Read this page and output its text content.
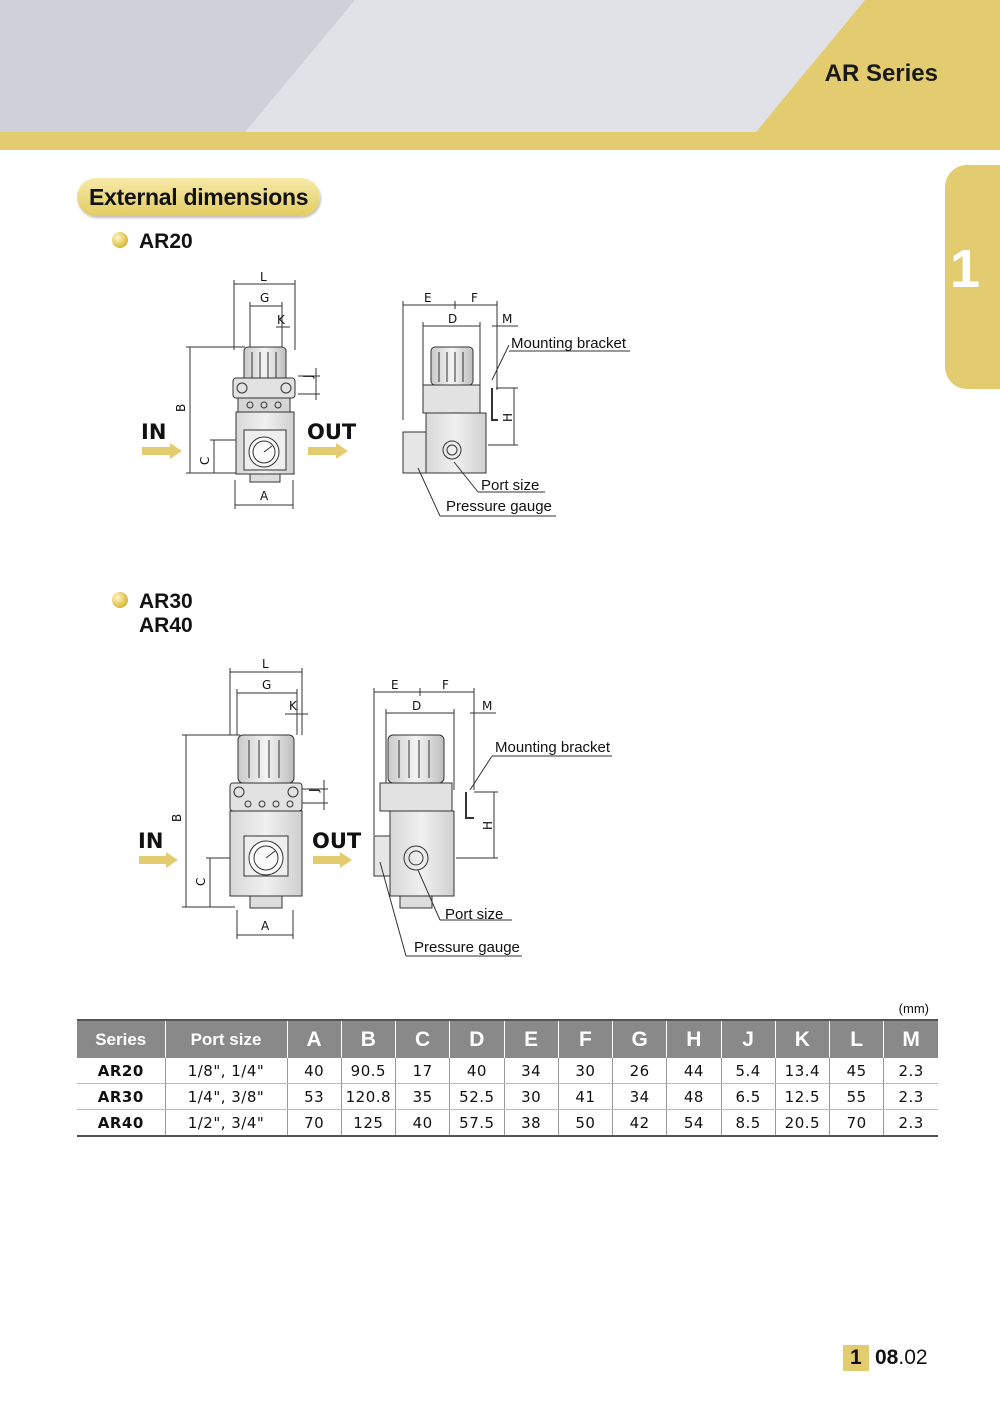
AR Series
1
External dimensions
AR20
AR30
AR40
L
G
K
J
B
C
A
IN	OUT
E	F
D	M
H
Mounting bracket
Port size
Pressure gauge
L
G
K
J
B
C
A
IN	OUT
E	F
D	M
H
Mounting bracket
Port size
Pressure gauge
(mm)
Series	Port size	A	B	C	D	E	F	G	H	J	K	L	M
AR20	1/8", 1/4"	40	90.5	17	40	34	30	26	44	5.4	13.4	45	2.3
AR30	1/4", 3/8"	53	120.8	35	52.5	30	41	34	48	6.5	12.5	55	2.3
AR40	1/2", 3/4"	70	125	40	57.5	38	50	42	54	8.5	20.5	70	2.3
1 08.02
